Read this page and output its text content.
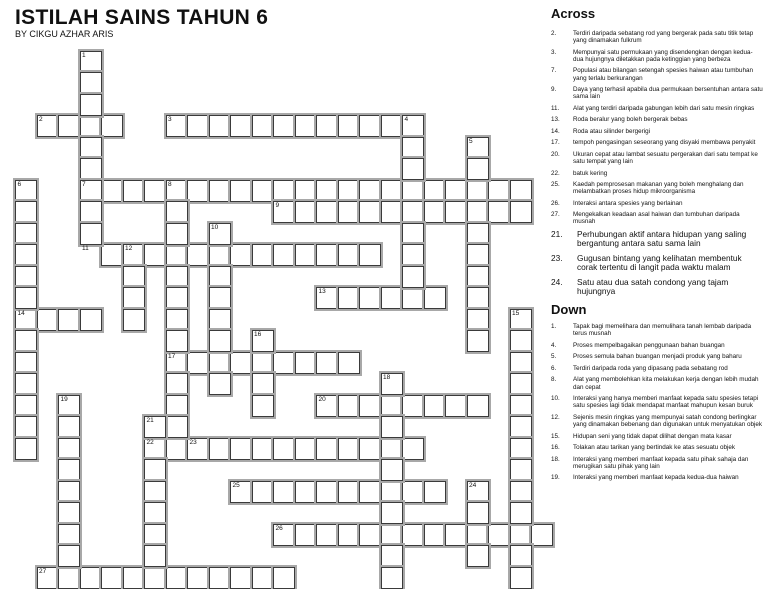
ISTILAH SAINS TAHUN 6
BY CIKGU AZHAR ARIS
1
2	3	4
5
6	7	8
9
10
11	12
13
14	15
16
17
18
19	20
21
22	23
24
25
26
27
Across
2.	Terdiri daripada sebatang rod yang bergerak pada satu titik tetap yang dinamakan fulkrum
3.	Mempunyai satu permukaan yang disendengkan dengan kedua-dua hujungnya diletakkan pada ketinggian yang berbeza
7.	Populasi atau bilangan setengah spesies haiwan atau tumbuhan yang terlalu berkurangan
9.	Daya yang terhasil apabila dua permukaan bersentuhan antara satu sama lain
11.	Alat yang terdiri daripada gabungan lebih dari satu mesin ringkas
13.	Roda beralur yang boleh bergerak bebas
14.	Roda atau silinder bergerigi
17.	tempoh pengasingan seseorang yang disyaki membawa penyakit
20.	Ukuran cepat atau lambat sesuatu pergerakan dari satu tempat ke satu tempat yang lain
22.	batuk kering
25.	Kaedah pemprosesan makanan yang boleh menghalang dan melambatkan proses hidup mikroorganisma
26.	Interaksi antara spesies yang berlainan
27.	Mengekalkan keadaan asal haiwan dan tumbuhan daripada musnah
21.	Perhubungan aktif antara hidupan yang saling bergantung antara satu sama lain
23.	Gugusan bintang yang kelihatan membentuk corak tertentu di langit pada waktu malam
24.	Satu atau dua satah condong yang tajam hujungnya
Down
1.	Tapak bagi memelihara dan memulihara tanah lembab daripada terus musnah
4.	Proses mempelbagaikan penggunaan bahan buangan
5.	Proses semula bahan buangan menjadi produk yang baharu
6.	Terdiri daripada roda yang dipasang pada sebatang rod
8.	Alat yang membolehkan kita melakukan kerja dengan lebih mudah dan cepat
10.	Interaksi yang hanya memberi manfaat kepada satu spesies tetapi satu spesies lagi tidak mendapat manfaat mahupun kesan buruk
12.	Sejenis mesin ringkas yang mempunyai satah condong berlingkar yang dinamakan bebenang dan digunakan untuk menyatukan objek
15.	Hidupan seni yang tidak dapat dilihat dengan mata kasar
16.	Tolakan atau tarikan yang bertindak ke atas sesuatu objek
18.	Interaksi yang memberi manfaat kepada satu pihak sahaja dan merugikan satu pihak yang lain
19.	Interaksi yang memberi manfaat kepada kedua-dua haiwan
